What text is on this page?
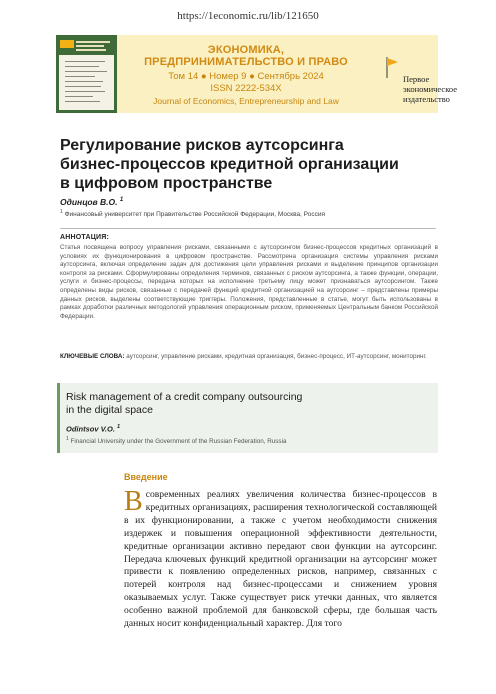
https://1economic.ru/lib/121650
ЭКОНОМИКА,
ПРЕДПРИНИМАТЕЛЬСТВО И ПРАВО
Том 14 ● Номер 9 ● Сентябрь 2024
ISSN 2222-534X
Journal of Economics, Entrepreneurship and Law
Первое
экономическое
издательство
Регулирование рисков аутсорсинга
бизнес-процессов кредитной организации
в цифровом пространстве
Одинцов В.О. $^1$
$^1$ Финансовый университет при Правительстве Российской Федерации, Москва, Россия
АННОТАЦИЯ:
Статья посвящена вопросу управления рисками, связанными с аутсорсингом бизнес-процессов кредитных организаций в условиях их функционирования в цифровом пространстве. Рассмотрена организация системы управления рисками аутсорсинга, включая определение задач для достижения цели управления рисками и выделение принципов организации контроля за рисками. Сформулированы определения терминов, связанных с риском аутсорсинга, а также функции, операции, услуги и бизнес-процессы, передача которых на исполнение третьему лицу может признаваться аутсорсингом. Также определены виды рисков, связанные с передачей функций кредитной организацией на аутсорсинг – представлены примеры данных рисков, выделены соответствующие триггеры. Положения, представленные в статье, могут быть использованы в рамках доработки различных методологий управления операционным риском, применяемых Центральным банком Российской Федерации.
КЛЮЧЕВЫЕ СЛОВА: аутсорсинг, управление рисками, кредитная организация, бизнес-процесс, ИТ-аутсорсинг, мониторинг.
Risk management of a credit company outsourcing
in the digital space
Odintsov V.O. $^1$
$^1$ Financial University under the Government of the Russian Federation, Russia
Введение
В современных реалиях увеличения количества бизнес-процессов в кредитных организациях, расширения технологической составляющей в их функционировании, а также с учетом необходимости снижения издержек и повышения операционной эффективности деятельности, кредитные организации активно передают свои функции на аутсорсинг. Передача ключевых функций кредитной организации на аутсорсинг может привести к появлению определенных рисков, например, связанных с потерей контроля над бизнес-процессами и снижением уровня оказываемых услуг. Также существует риск утечки данных, что является особенно важной проблемой для банковской сферы, где большая часть данных носит конфиденциальный характер. Для того
